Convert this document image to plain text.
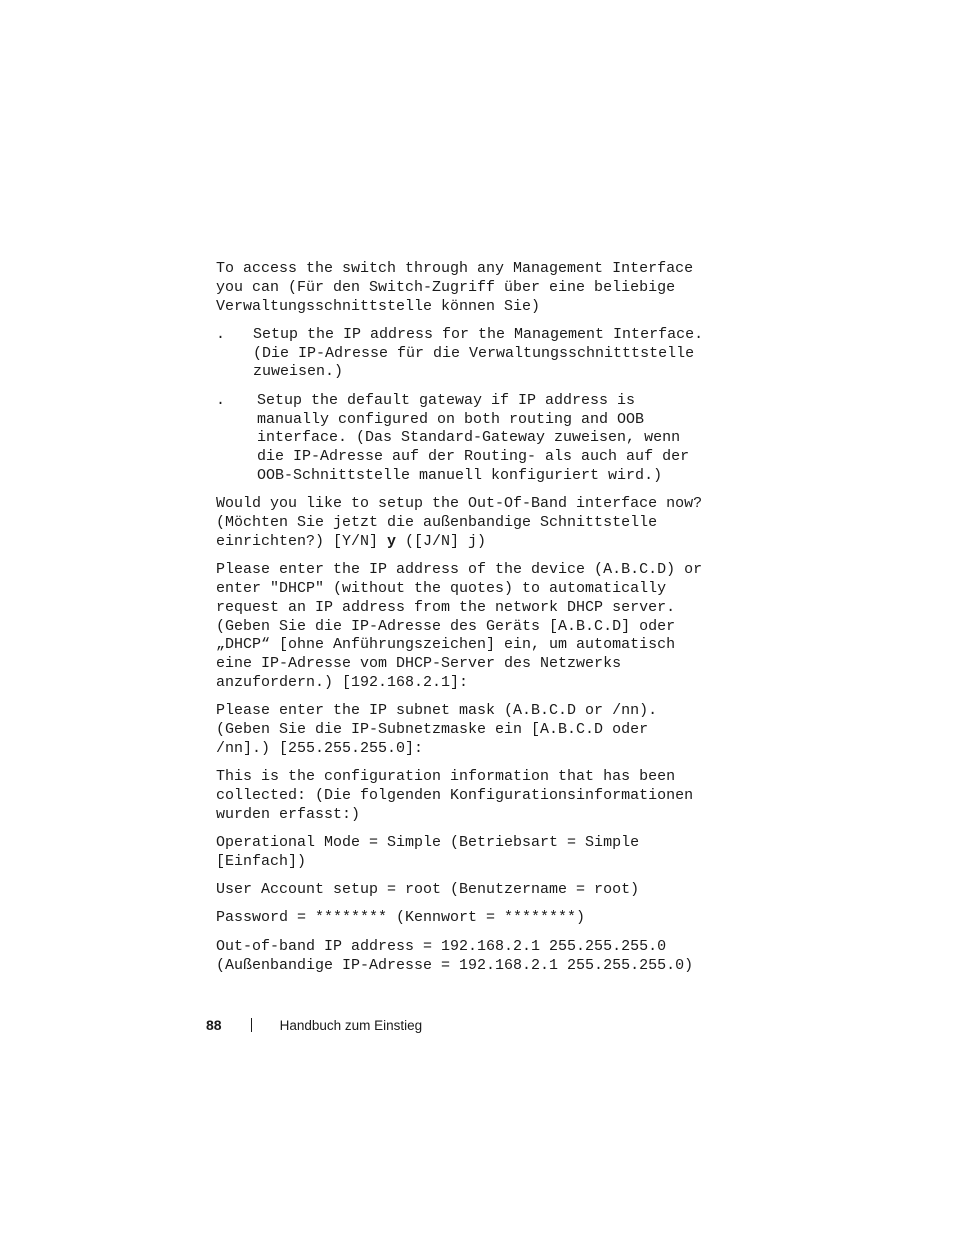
To access the switch through any Management Interface
you can (Für den Switch-Zugriff über eine beliebige
Verwaltungsschnittstelle können Sie)

.	Setup the IP address for the Management Interface.
(Die IP-Adresse für die Verwaltungsschnitttstelle
zuweisen.)
.	Setup the default gateway if IP address is
manually configured on both routing and OOB
interface. (Das Standard-Gateway zuweisen, wenn
die IP-Adresse auf der Routing- als auch auf der
OOB-Schnittstelle manuell konfiguriert wird.)

Would you like to setup the Out-Of-Band interface now?
(Möchten Sie jetzt die außenbandige Schnittstelle
einrichten?) [Y/N] y ([J/N] j)

Please enter the IP address of the device (A.B.C.D) or
enter "DHCP" (without the quotes) to automatically
request an IP address from the network DHCP server.
(Geben Sie die IP-Adresse des Geräts [A.B.C.D] oder
„DHCP“ [ohne Anführungszeichen] ein, um automatisch
eine IP-Adresse vom DHCP-Server des Netzwerks
anzufordern.) [192.168.2.1]:

Please enter the IP subnet mask (A.B.C.D or /nn).
(Geben Sie die IP-Subnetzmaske ein [A.B.C.D oder
/nn].) [255.255.255.0]:

This is the configuration information that has been
collected: (Die folgenden Konfigurationsinformationen
wurden erfasst:)

Operational Mode = Simple (Betriebsart = Simple
[Einfach])

User Account setup = root (Benutzername = root)

Password = ******** (Kennwort = ********)

Out-of-band IP address = 192.168.2.1 255.255.255.0
(Außenbandige IP-Adresse = 192.168.2.1 255.255.255.0)

88	Handbuch zum Einstieg
